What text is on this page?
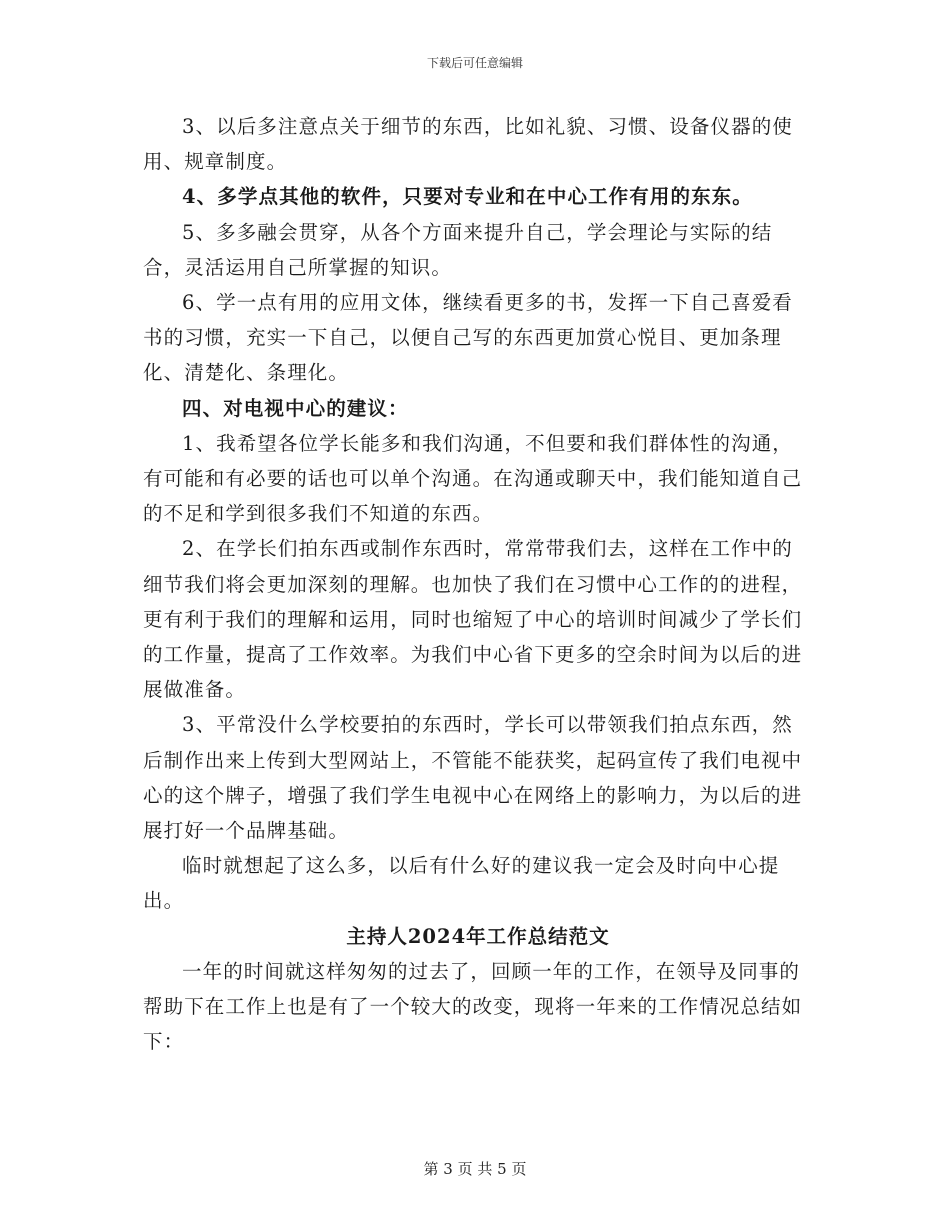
下载后可任意编辑

3、以后多注意点关于细节的东西，比如礼貌、习惯、设备仪器的使用、规章制度。

4、多学点其他的软件，只要对专业和在中心工作有用的东东。

5、多多融会贯穿，从各个方面来提升自己，学会理论与实际的结合，灵活运用自己所掌握的知识。

6、学一点有用的应用文体，继续看更多的书，发挥一下自己喜爱看书的习惯，充实一下自己，以便自己写的东西更加赏心悦目、更加条理化、清楚化、条理化。

四、对电视中心的建议：

1、我希望各位学长能多和我们沟通，不但要和我们群体性的沟通，有可能和有必要的话也可以单个沟通。在沟通或聊天中，我们能知道自己的不足和学到很多我们不知道的东西。

2、在学长们拍东西或制作东西时，常常带我们去，这样在工作中的细节我们将会更加深刻的理解。也加快了我们在习惯中心工作的的进程，更有利于我们的理解和运用，同时也缩短了中心的培训时间减少了学长们的工作量，提高了工作效率。为我们中心省下更多的空余时间为以后的进展做准备。

3、平常没什么学校要拍的东西时，学长可以带领我们拍点东西，然后制作出来上传到大型网站上，不管能不能获奖，起码宣传了我们电视中心的这个牌子，增强了我们学生电视中心在网络上的影响力，为以后的进展打好一个品牌基础。

临时就想起了这么多，以后有什么好的建议我一定会及时向中心提出。

主持人2024年工作总结范文

一年的时间就这样匆匆的过去了，回顾一年的工作，在领导及同事的帮助下在工作上也是有了一个较大的改变，现将一年来的工作情况总结如下：

第 3 页 共 5 页
